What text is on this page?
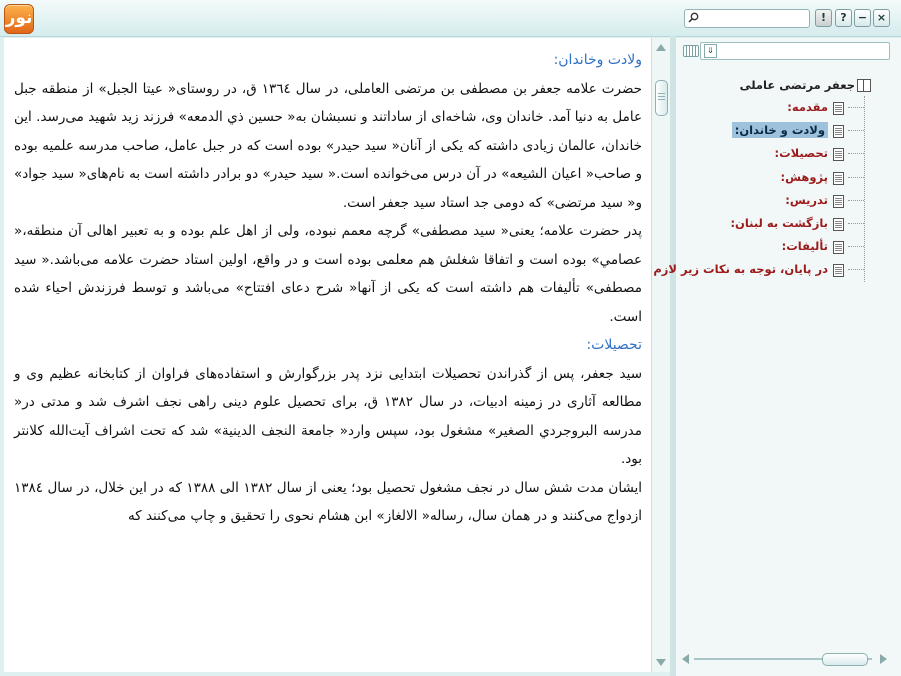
نور	!	?	− ×
ولادت وخاندان:

حضرت علامه جعفر بن مصطفی بن مرتضی العاملی، در سال ۱۳٦٤ ق، در روستای« عیتا الجبل» از منطقه جبل عامل به دنیا آمد. خاندان وی، شاخه‌ای از ساداتند و نسبشان به« حسین ذي الدمعه» فرزند زید شهید می‌رسد. این خاندان، عالمان زیادی داشته که یکی از آنان« سید حیدر» بوده است که در جبل عامل، صاحب مدرسه علمیه بوده و صاحب« اعیان الشیعه» در آن درس می‌خوانده است.« سید حیدر» دو برادر داشته است به نام‌های« سید جواد» و« سید مرتضی» که دومی جد استاد سید جعفر است.

پدر حضرت علامه؛ یعنی« سید مصطفی» گرچه معمم نبوده، ولی از اهل علم بوده و به تعبیر اهالی آن منطقه،« عصامي» بوده است و اتفاقا شغلش هم معلمی بوده است و در واقع، اولین استاد حضرت علامه می‌باشد.« سید مصطفی» تألیفات هم داشته است که یکی از آنها« شرح دعای افتتاح» می‌باشد و توسط فرزندش احیاء شده است.

تحصیلات:

سید جعفر، پس از گذراندن تحصیلات ابتدایی نزد پدر بزرگوارش و استفاده‌های فراوان از کتابخانه عظیم وی و مطالعه آثاری در زمینه ادبیات، در سال ۱۳۸۲ ق، برای تحصیل علوم دینی راهی نجف اشرف شد و مدتی در« مدرسه البروجردي الصغیر» مشغول بود، سپس وارد« جامعة النجف الدينية» شد که تحت اشراف آیت‌الله کلانتر بود.

ایشان مدت شش سال در نجف مشغول تحصیل بود؛ یعنی از سال ۱۳۸۲ الی ۱۳۸۸ که در این خلال، در سال ۱۳۸٤ ازدواج می‌کنند و در همان سال، رساله« الالغاز» ابن هشام نحوی را تحقیق و چاپ می‌کنند که

⇓
جعفر مرتضی عاملی
مقدمه:
ولادت و خاندان:
تحصیلات:
پژوهش:
تدریس:
بازگشت به لبنان:
تألیفات:
در پایان، توجه به نکات زیر لازم
